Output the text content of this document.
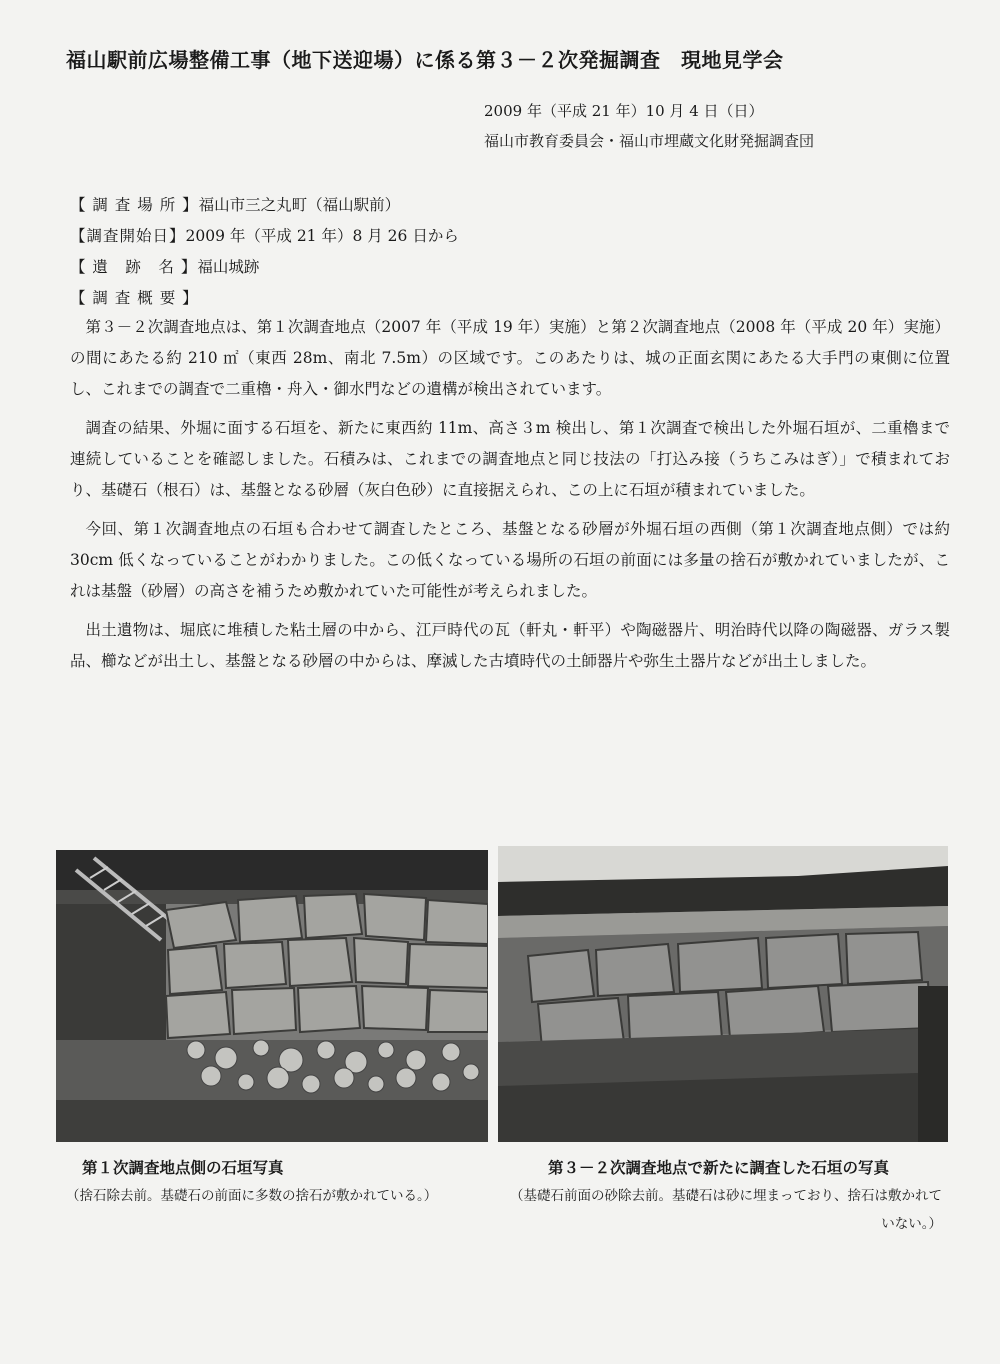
福山駅前広場整備工事（地下送迎場）に係る第３－２次発掘調査　現地見学会
2009 年（平成 21 年）10 月 4 日（日）
福山市教育委員会・福山市埋蔵文化財発掘調査団
【 調 査 場 所 】福山市三之丸町（福山駅前）
【調査開始日】2009 年（平成 21 年）8 月 26 日から
【 遺　跡　名 】福山城跡
【 調 査 概 要 】

第３－２次調査地点は、第１次調査地点（2007 年（平成 19 年）実施）と第２次調査地点（2008 年（平成 20 年）実施）の間にあたる約 210 ㎡（東西 28m、南北 7.5m）の区域です。このあたりは、城の正面玄関にあたる大手門の東側に位置し、これまでの調査で二重櫓・舟入・御水門などの遺構が検出されています。

調査の結果、外堀に面する石垣を、新たに東西約 11m、高さ３m 検出し、第１次調査で検出した外堀石垣が、二重櫓まで連続していることを確認しました。石積みは、これまでの調査地点と同じ技法の「打込み接（うちこみはぎ）」で積まれており、基礎石（根石）は、基盤となる砂層（灰白色砂）に直接据えられ、この上に石垣が積まれていました。

今回、第１次調査地点の石垣も合わせて調査したところ、基盤となる砂層が外堀石垣の西側（第１次調査地点側）では約 30cm 低くなっていることがわかりました。この低くなっている場所の石垣の前面には多量の捨石が敷かれていましたが、これは基盤（砂層）の高さを補うため敷かれていた可能性が考えられました。

出土遺物は、堀底に堆積した粘土層の中から、江戸時代の瓦（軒丸・軒平）や陶磁器片、明治時代以降の陶磁器、ガラス製品、櫛などが出土し、基盤となる砂層の中からは、摩滅した古墳時代の土師器片や弥生土器片などが出土しました。

第１次調査地点側の石垣写真
（捨石除去前。基礎石の前面に多数の捨石が敷かれている。）
第３－２次調査地点で新たに調査した石垣の写真
（基礎石前面の砂除去前。基礎石は砂に埋まっており、捨石は敷かれていない。）
